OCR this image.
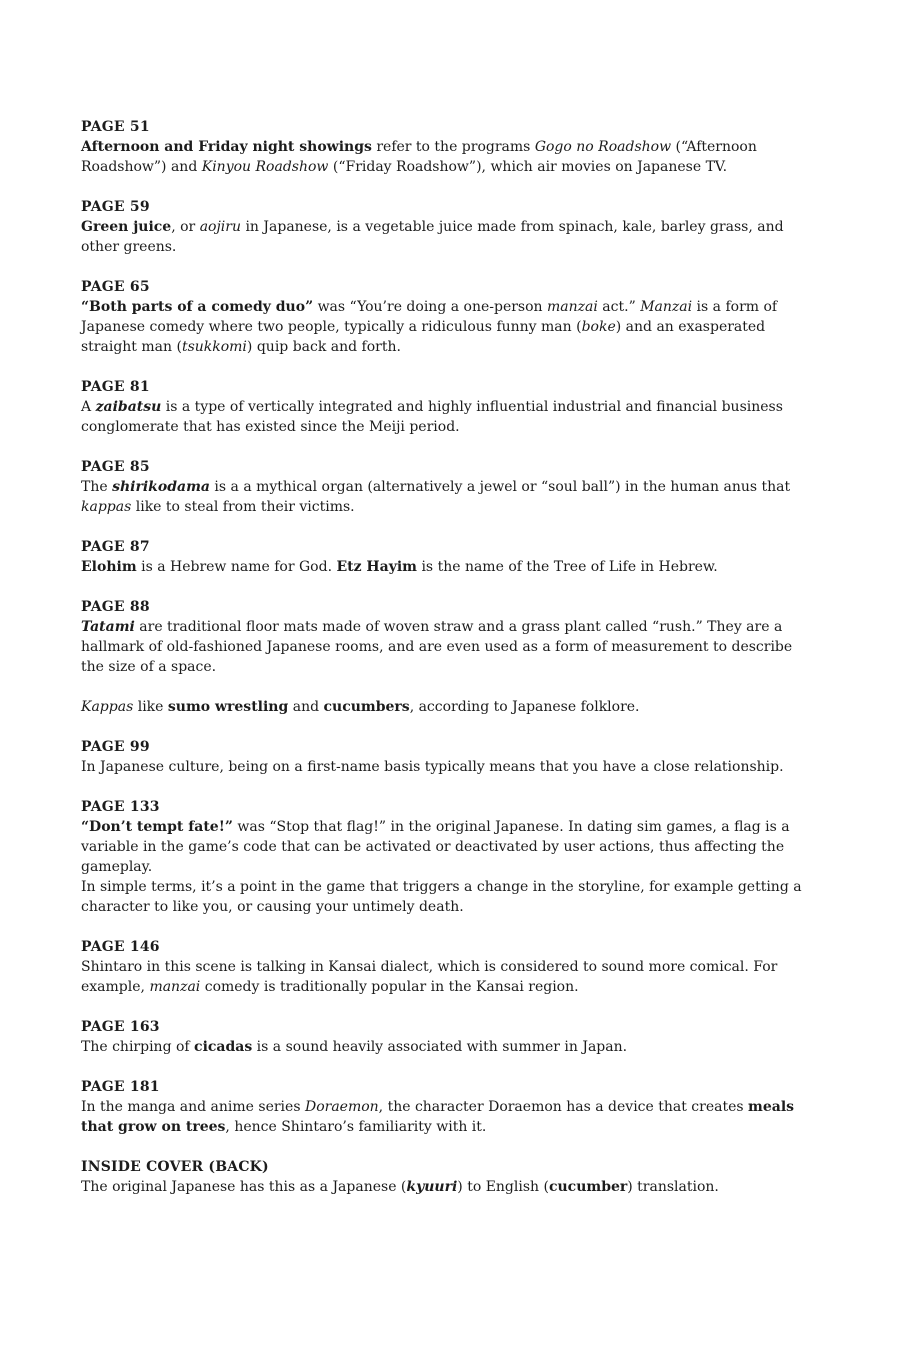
PAGE 51
Afternoon and Friday night showings refer to the programs Gogo no Roadshow (“Afternoon Roadshow”) and Kinyou Roadshow (“Friday Roadshow”), which air movies on Japanese TV.
PAGE 59
Green juice, or aojiru in Japanese, is a vegetable juice made from spinach, kale, barley grass, and other greens.
PAGE 65
“Both parts of a comedy duo” was “You’re doing a one-person manzai act.” Manzai is a form of Japanese comedy where two people, typically a ridiculous funny man (boke) and an exasperated straight man (tsukkomi) quip back and forth.
PAGE 81
A zaibatsu is a type of vertically integrated and highly influential industrial and financial business conglomerate that has existed since the Meiji period.
PAGE 85
The shirikodama is a a mythical organ (alternatively a jewel or “soul ball”) in the human anus that kappas like to steal from their victims.
PAGE 87
Elohim is a Hebrew name for God. Etz Hayim is the name of the Tree of Life in Hebrew.
PAGE 88
Tatami are traditional floor mats made of woven straw and a grass plant called “rush.” They are a hallmark of old-fashioned Japanese rooms, and are even used as a form of measurement to describe the size of a space.
Kappas like sumo wrestling and cucumbers, according to Japanese folklore.
PAGE 99
In Japanese culture, being on a first-name basis typically means that you have a close relationship.
PAGE 133
“Don’t tempt fate!” was “Stop that flag!” in the original Japanese. In dating sim games, a flag is a variable in the game’s code that can be activated or deactivated by user actions, thus affecting the gameplay.
In simple terms, it’s a point in the game that triggers a change in the storyline, for example getting a character to like you, or causing your untimely death.
PAGE 146
Shintaro in this scene is talking in Kansai dialect, which is considered to sound more comical. For example, manzai comedy is traditionally popular in the Kansai region.
PAGE 163
The chirping of cicadas is a sound heavily associated with summer in Japan.
PAGE 181
In the manga and anime series Doraemon, the character Doraemon has a device that creates meals that grow on trees, hence Shintaro’s familiarity with it.
INSIDE COVER (BACK)
The original Japanese has this as a Japanese (kyuuri) to English (cucumber) translation.
